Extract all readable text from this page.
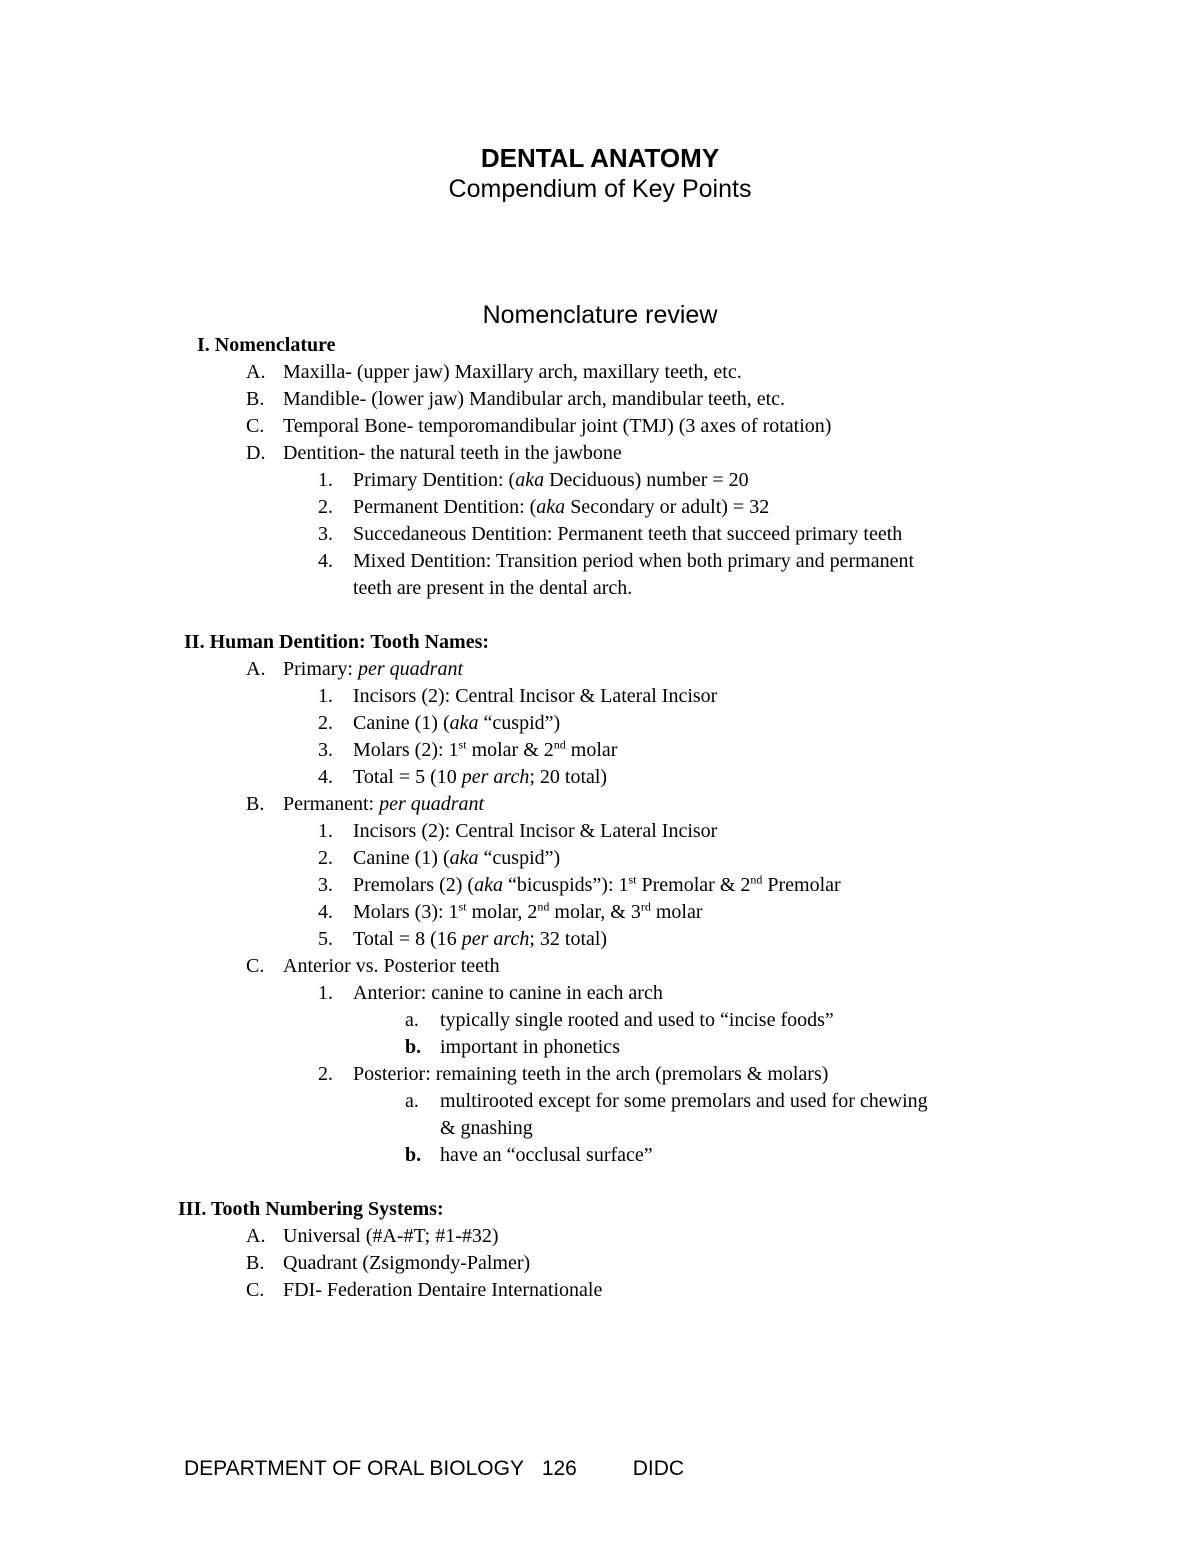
DENTAL ANATOMY
Compendium of Key Points
Nomenclature review
I. Nomenclature
A. Maxilla- (upper jaw) Maxillary arch, maxillary teeth, etc.
B. Mandible- (lower jaw) Mandibular arch, mandibular teeth, etc.
C. Temporal Bone- temporomandibular joint (TMJ) (3 axes of rotation)
D. Dentition- the natural teeth in the jawbone
1. Primary Dentition: (aka Deciduous) number = 20
2. Permanent Dentition: (aka Secondary or adult) = 32
3. Succedaneous Dentition: Permanent teeth that succeed primary teeth
4. Mixed Dentition: Transition period when both primary and permanent
teeth are present in the dental arch.
II. Human Dentition: Tooth Names:
A. Primary: per quadrant
1. Incisors (2): Central Incisor & Lateral Incisor
2. Canine (1) (aka “cuspid”)
3. Molars (2): 1st molar & 2nd molar
4. Total = 5 (10 per arch; 20 total)
B. Permanent: per quadrant
1. Incisors (2): Central Incisor & Lateral Incisor
2. Canine (1) (aka “cuspid”)
3. Premolars (2) (aka “bicuspids”): 1st Premolar & 2nd Premolar
4. Molars (3): 1st molar, 2nd molar, & 3rd molar
5. Total = 8 (16 per arch; 32 total)
C. Anterior vs. Posterior teeth
1. Anterior: canine to canine in each arch
a. typically single rooted and used to “incise foods”
b. important in phonetics
2. Posterior: remaining teeth in the arch (premolars & molars)
a. multirooted except for some premolars and used for chewing
& gnashing
b. have an “occlusal surface”
III. Tooth Numbering Systems:
A. Universal (#A-#T; #1-#32)
B. Quadrant (Zsigmondy-Palmer)
C. FDI- Federation Dentaire Internationale
DEPARTMENT OF ORAL BIOLOGY 126	DIDC
